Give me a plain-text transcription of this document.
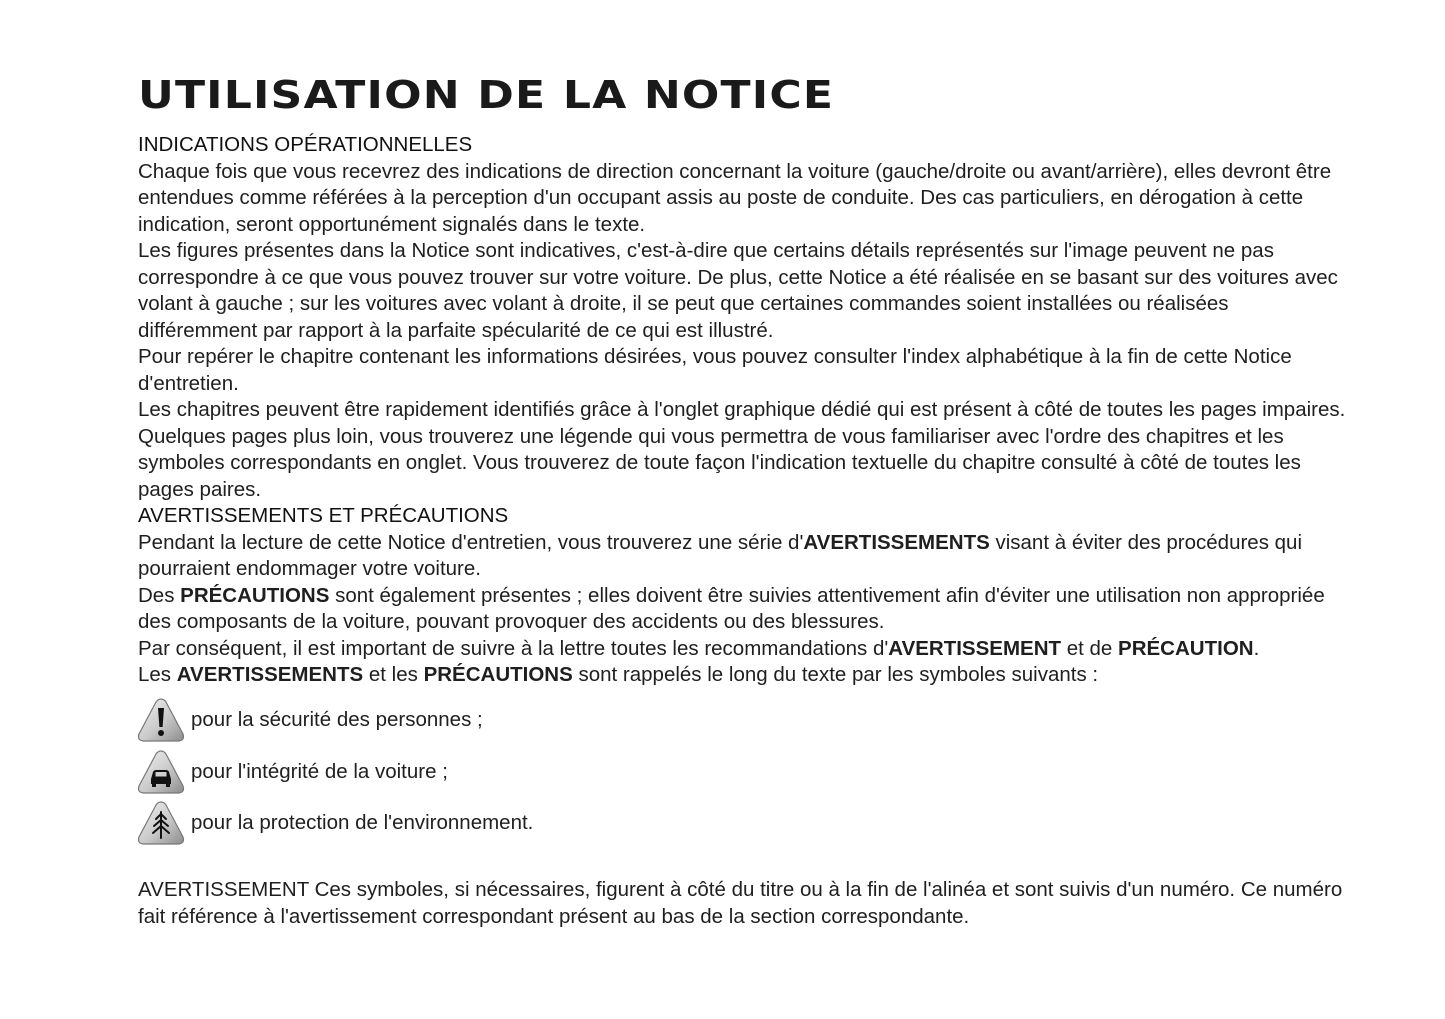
UTILISATION DE LA NOTICE
INDICATIONS OPÉRATIONNELLES

Chaque fois que vous recevrez des indications de direction concernant la voiture (gauche/droite ou avant/arrière), elles devront être entendues comme référées à la perception d'un occupant assis au poste de conduite. Des cas particuliers, en dérogation à cette indication, seront opportunément signalés dans le texte.

Les figures présentes dans la Notice sont indicatives, c'est-à-dire que certains détails représentés sur l'image peuvent ne pas correspondre à ce que vous pouvez trouver sur votre voiture. De plus, cette Notice a été réalisée en se basant sur des voitures avec volant à gauche ; sur les voitures avec volant à droite, il se peut que certaines commandes soient installées ou réalisées différemment par rapport à la parfaite spécularité de ce qui est illustré.

Pour repérer le chapitre contenant les informations désirées, vous pouvez consulter l'index alphabétique à la fin de cette Notice d'entretien.

Les chapitres peuvent être rapidement identifiés grâce à l'onglet graphique dédié qui est présent à côté de toutes les pages impaires. Quelques pages plus loin, vous trouverez une légende qui vous permettra de vous familiariser avec l'ordre des chapitres et les symboles correspondants en onglet. Vous trouverez de toute façon l'indication textuelle du chapitre consulté à côté de toutes les pages paires.

AVERTISSEMENTS ET PRÉCAUTIONS

Pendant la lecture de cette Notice d'entretien, vous trouverez une série d'AVERTISSEMENTS visant à éviter des procédures qui pourraient endommager votre voiture.

Des PRÉCAUTIONS sont également présentes ; elles doivent être suivies attentivement afin d'éviter une utilisation non appropriée des composants de la voiture, pouvant provoquer des accidents ou des blessures.

Par conséquent, il est important de suivre à la lettre toutes les recommandations d'AVERTISSEMENT et de PRÉCAUTION.

Les AVERTISSEMENTS et les PRÉCAUTIONS sont rappelés le long du texte par les symboles suivants :

pour la sécurité des personnes ;
pour l'intégrité de la voiture ;
pour la protection de l'environnement.

AVERTISSEMENT Ces symboles, si nécessaires, figurent à côté du titre ou à la fin de l'alinéa et sont suivis d'un numéro. Ce numéro fait référence à l'avertissement correspondant présent au bas de la section correspondante.
